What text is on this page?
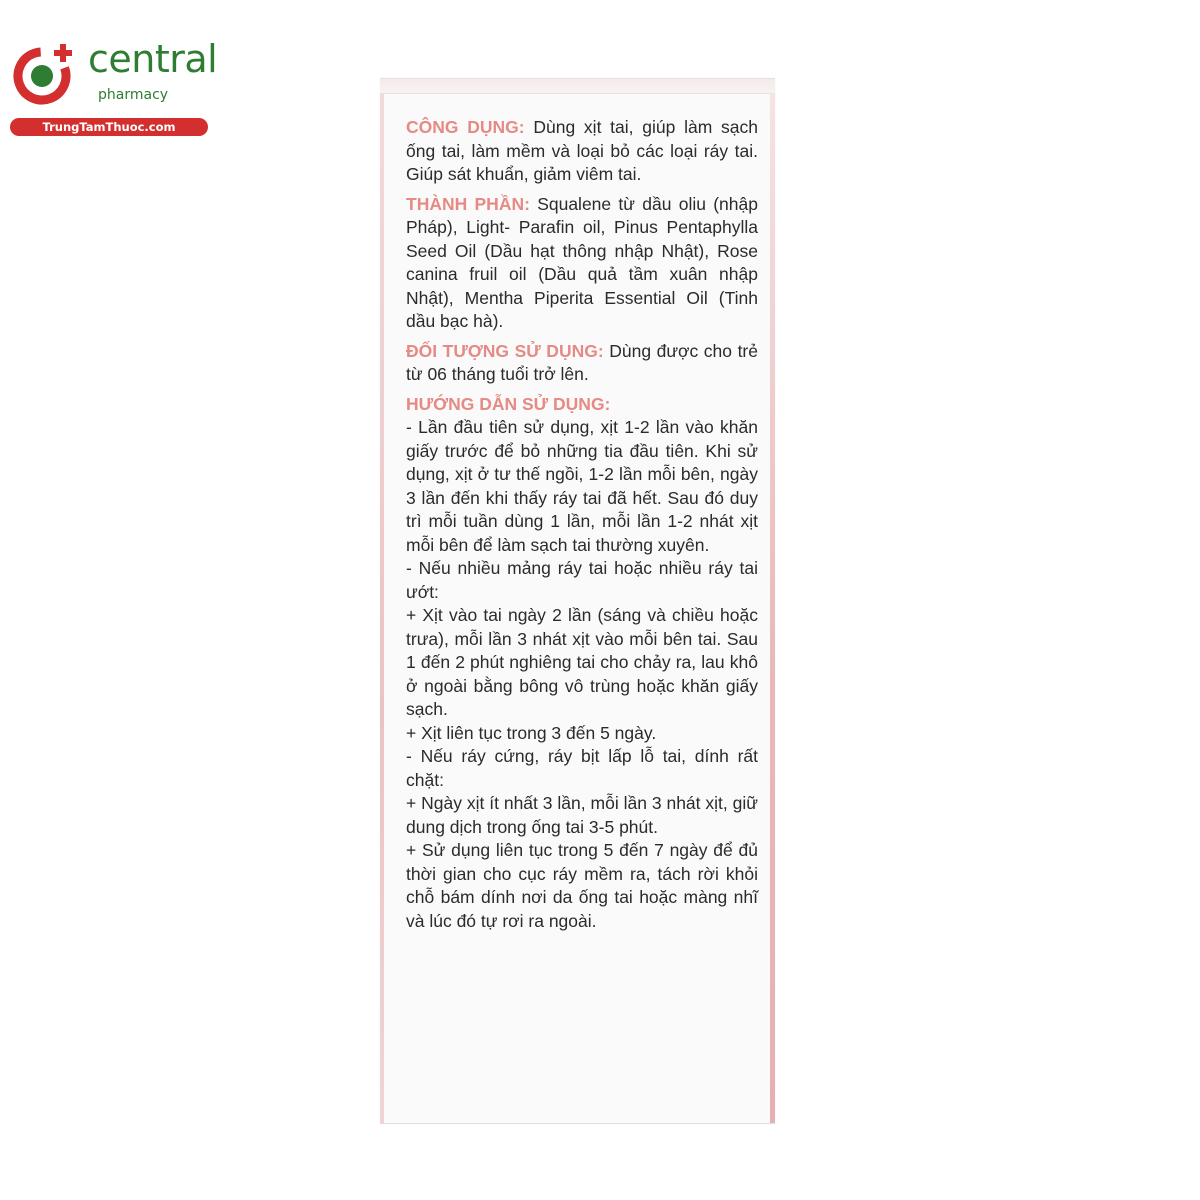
central
pharmacy
TrungTamThuoc.com	CÔNG DỤNG: Dùng xịt tai, giúp làm sạch ống tai, làm mềm và loại bỏ các loại ráy tai. Giúp sát khuẩn, giảm viêm tai.

THÀNH PHẦN: Squalene từ dầu oliu (nhập Pháp), Light- Parafin oil, Pinus Pentaphylla Seed Oil (Dầu hạt thông nhập Nhật), Rose canina fruil oil (Dầu quả tầm xuân nhập Nhật), Mentha Piperita Essential Oil (Tinh dầu bạc hà).

ĐỐI TƯỢNG SỬ DỤNG: Dùng được cho trẻ từ 06 tháng tuổi trở lên.

HƯỚNG DẪN SỬ DỤNG:
- Lần đầu tiên sử dụng, xịt 1-2 lần vào khăn giấy trước để bỏ những tia đầu tiên. Khi sử dụng, xịt ở tư thế ngồi, 1-2 lần mỗi bên, ngày 3 lần đến khi thấy ráy tai đã hết. Sau đó duy trì mỗi tuần dùng 1 lần, mỗi lần 1-2 nhát xịt mỗi bên để làm sạch tai thường xuyên.
- Nếu nhiều mảng ráy tai hoặc nhiều ráy tai ướt:
+ Xịt vào tai ngày 2 lần (sáng và chiều hoặc trưa), mỗi lần 3 nhát xịt vào mỗi bên tai. Sau 1 đến 2 phút nghiêng tai cho chảy ra, lau khô ở ngoài bằng bông vô trùng hoặc khăn giấy sạch.
+ Xịt liên tục trong 3 đến 5 ngày.
- Nếu ráy cứng, ráy bịt lấp lỗ tai, dính rất chặt:
+ Ngày xịt ít nhất 3 lần, mỗi lần 3 nhát xịt, giữ dung dịch trong ống tai 3-5 phút.
+ Sử dụng liên tục trong 5 đến 7 ngày để đủ thời gian cho cục ráy mềm ra, tách rời khỏi chỗ bám dính nơi da ống tai hoặc màng nhĩ và lúc đó tự rơi ra ngoài.
